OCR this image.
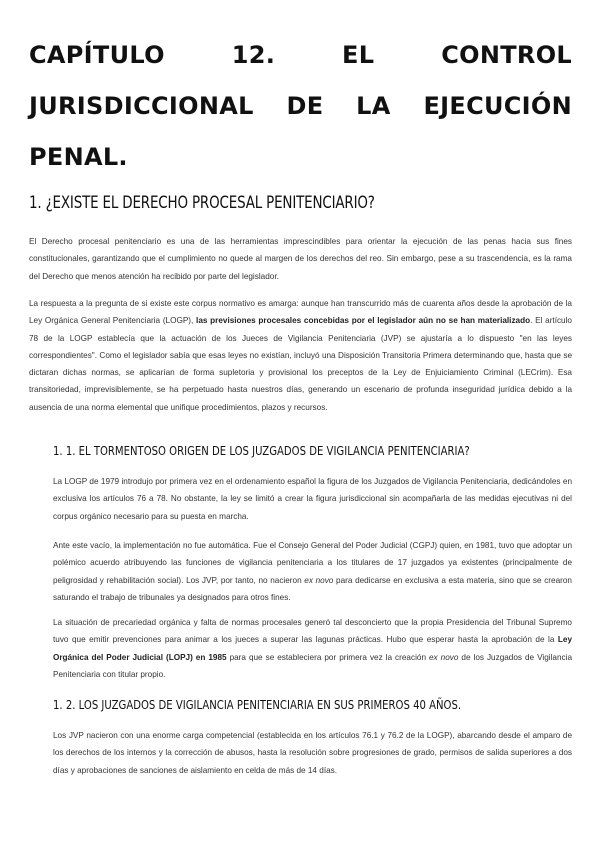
CAPÍTULO 12. EL CONTROL JURISDICCIONAL DE LA EJECUCIÓN PENAL.
1. ¿EXISTE EL DERECHO PROCESAL PENITENCIARIO?

El Derecho procesal penitenciario es una de las herramientas imprescindibles para orientar la ejecución de las penas hacia sus fines constitucionales, garantizando que el cumplimiento no quede al margen de los derechos del reo. Sin embargo, pese a su trascendencia, es la rama del Derecho que menos atención ha recibido por parte del legislador.

La respuesta a la pregunta de si existe este corpus normativo es amarga: aunque han transcurrido más de cuarenta años desde la aprobación de la Ley Orgánica General Penitenciaria (LOGP), las previsiones procesales concebidas por el legislador aún no se han materializado. El artículo 78 de la LOGP establecía que la actuación de los Jueces de Vigilancia Penitenciaria (JVP) se ajustaría a lo dispuesto "en las leyes correspondientes". Como el legislador sabía que esas leyes no existían, incluyó una Disposición Transitoria Primera determinando que, hasta que se dictaran dichas normas, se aplicarían de forma supletoria y provisional los preceptos de la Ley de Enjuiciamiento Criminal (LECrim). Esa transitoriedad, imprevisiblemente, se ha perpetuado hasta nuestros días, generando un escenario de profunda inseguridad jurídica debido a la ausencia de una norma elemental que unifique procedimientos, plazos y recursos.

1. 1. EL TORMENTOSO ORIGEN DE LOS JUZGADOS DE VIGILANCIA PENITENCIARIA?

La LOGP de 1979 introdujo por primera vez en el ordenamiento español la figura de los Juzgados de Vigilancia Penitenciaria, dedicándoles en exclusiva los artículos 76 a 78. No obstante, la ley se limitó a crear la figura jurisdiccional sin acompañarla de las medidas ejecutivas ni del corpus orgánico necesario para su puesta en marcha.

Ante este vacío, la implementación no fue automática. Fue el Consejo General del Poder Judicial (CGPJ) quien, en 1981, tuvo que adoptar un polémico acuerdo atribuyendo las funciones de vigilancia penitenciaria a los titulares de 17 juzgados ya existentes (principalmente de peligrosidad y rehabilitación social). Los JVP, por tanto, no nacieron ex novo para dedicarse en exclusiva a esta materia, sino que se crearon saturando el trabajo de tribunales ya designados para otros fines.

La situación de precariedad orgánica y falta de normas procesales generó tal desconcierto que la propia Presidencia del Tribunal Supremo tuvo que emitir prevenciones para animar a los jueces a superar las lagunas prácticas. Hubo que esperar hasta la aprobación de la Ley Orgánica del Poder Judicial (LOPJ) en 1985 para que se estableciera por primera vez la creación ex novo de los Juzgados de Vigilancia Penitenciaria con titular propio.

1. 2. LOS JUZGADOS DE VIGILANCIA PENITENCIARIA EN SUS PRIMEROS 40 AÑOS.

Los JVP nacieron con una enorme carga competencial (establecida en los artículos 76.1 y 76.2 de la LOGP), abarcando desde el amparo de los derechos de los internos y la corrección de abusos, hasta la resolución sobre progresiones de grado, permisos de salida superiores a dos días y aprobaciones de sanciones de aislamiento en celda de más de 14 días.
